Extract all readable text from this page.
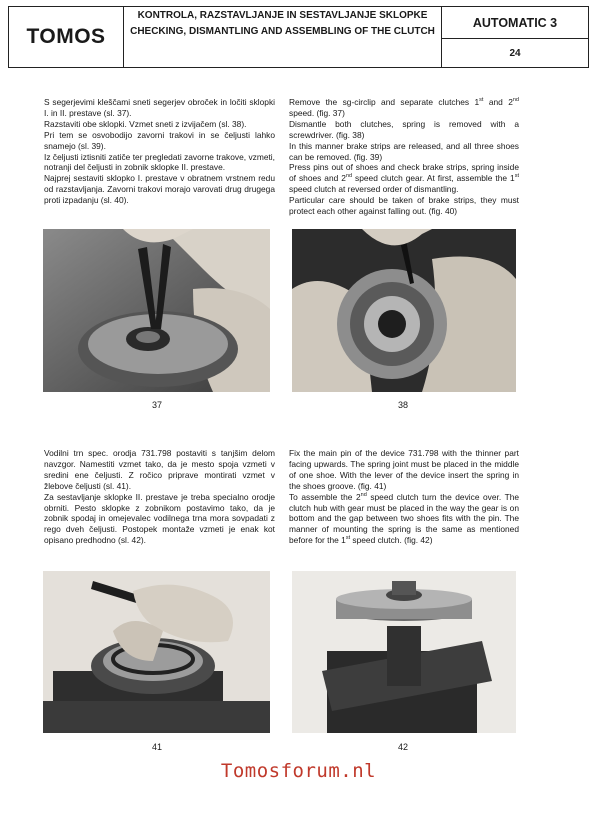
TOMOS
KONTROLA, RAZSTAVLJANJE IN SESTAVLJANJE SKLOPKE
CHECKING, DISMANTLING AND ASSEMBLING OF THE CLUTCH
AUTOMATIC 3
24

S segerjevimi kleščami sneti segerjev obroček in ločiti sklopki I. in II. prestave (sl. 37).

Razstaviti obe sklopki. Vzmet sneti z izvijačem (sl. 38).

Pri tem se osvobodijo zavorni trakovi in se čeljusti lahko snamejo (sl. 39).

Iz čeljusti iztisniti zatiče ter pregledati zavorne trakove, vzmeti, notranji del čeljusti in zobnik sklopke II. prestave.

Najprej sestaviti sklopko I. prestave v obratnem vrstnem redu od razstavljanja. Zavorni trakovi morajo varovati drug drugega proti izpadanju (sl. 40).

Remove the sg-circlip and separate clutches 1st and 2nd speed. (fig. 37)

Dismantle both clutches, spring is removed with a screwdriver. (fig. 38)

In this manner brake strips are released, and all three shoes can be removed. (fig. 39)

Press pins out of shoes and check brake strips, spring inside of shoes and 2nd speed clutch gear. At first, assemble the 1st speed clutch at reversed order of dismantling.

Particular care should be taken of brake strips, they must protect each other against falling out. (fig. 40)

37	38

Vodilni trn spec. orodja 731.798 postaviti s tanjšim delom navzgor. Namestiti vzmet tako, da je mesto spoja vzmeti v sredini ene čeljusti. Z ročico priprave montirati vzmet v žlebove čeljusti (sl. 41).

Za sestavljanje sklopke II. prestave je treba specialno orodje obrniti. Pesto sklopke z zobnikom postavimo tako, da je zobnik spodaj in omejevalec vodilnega trna mora sovpadati z rego dveh čeljusti. Postopek montaže vzmeti je enak kot opisano predhodno (sl. 42).

Fix the main pin of the device 731.798 with the thinner part facing upwards. The spring joint must be placed in the middle of one shoe. With the lever of the device insert the spring in the shoes groove. (fig. 41)

To assemble the 2nd speed clutch turn the device over. The clutch hub with gear must be placed in the way the gear is on bottom and the gap between two shoes fits with the pin. The manner of mounting the spring is the same as mentioned before for the 1st speed clutch. (fig. 42)

41	42
Tomosforum.nl
